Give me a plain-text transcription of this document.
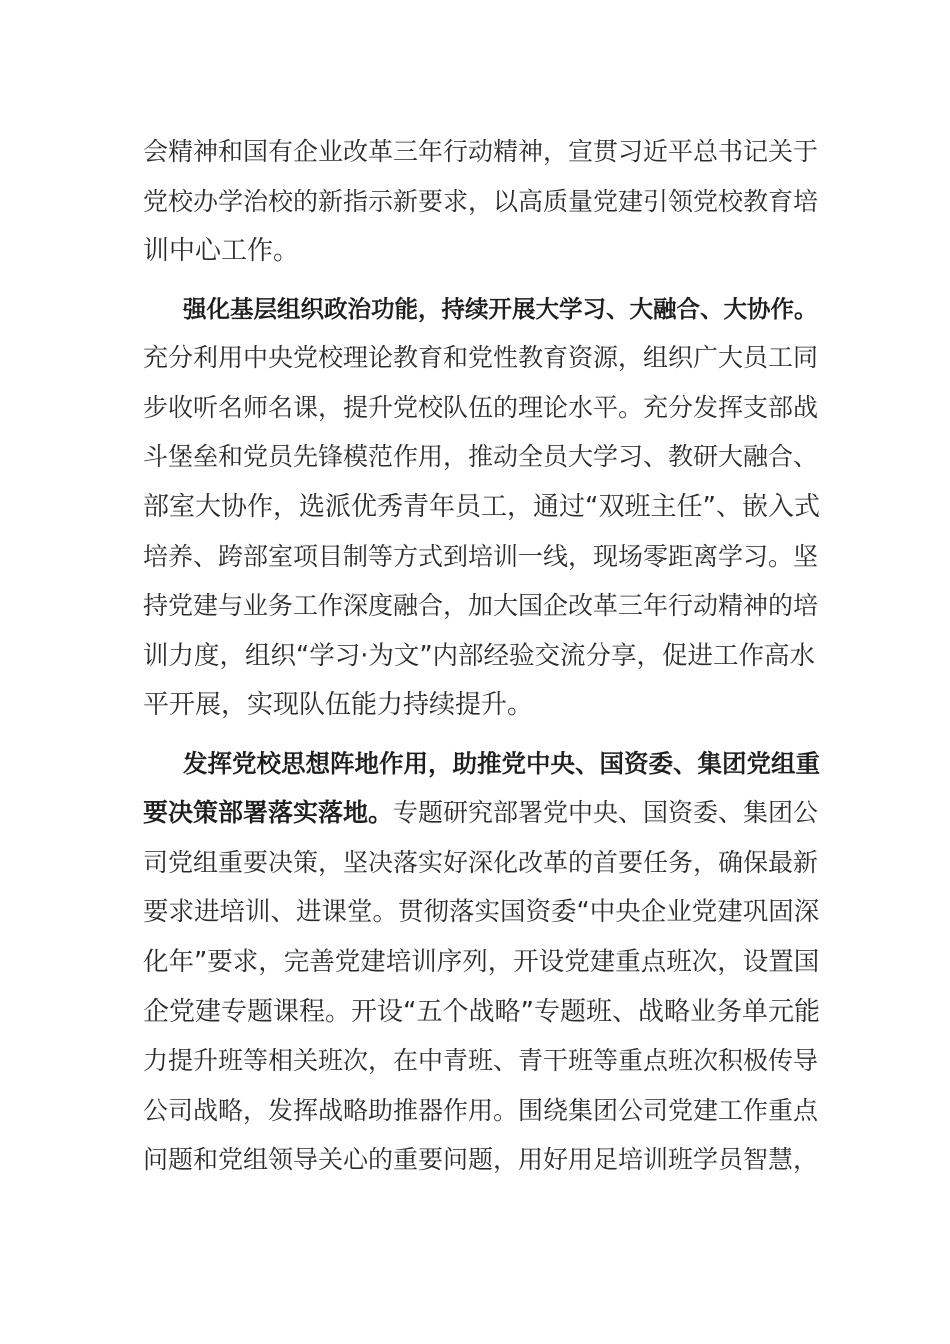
会精神和国有企业改革三年行动精神，宣贯习近平总书记关于
党校办学治校的新指示新要求，以高质量党建引领党校教育培
训中心工作。
强化基层组织政治功能，持续开展大学习、大融合、大协作。
充分利用中央党校理论教育和党性教育资源，组织广大员工同
步收听名师名课，提升党校队伍的理论水平。充分发挥支部战
斗堡垒和党员先锋模范作用，推动全员大学习、教研大融合、
部室大协作，选派优秀青年员工，通过“双班主任”、嵌入式
培养、跨部室项目制等方式到培训一线，现场零距离学习。坚
持党建与业务工作深度融合，加大国企改革三年行动精神的培
训力度，组织“学习·为文”内部经验交流分享，促进工作高水
平开展，实现队伍能力持续提升。
发挥党校思想阵地作用，助推党中央、国资委、集团党组重
要决策部署落实落地。专题研究部署党中央、国资委、集团公
司党组重要决策，坚决落实好深化改革的首要任务，确保最新
要求进培训、进课堂。贯彻落实国资委“中央企业党建巩固深
化年”要求，完善党建培训序列，开设党建重点班次，设置国
企党建专题课程。开设“五个战略”专题班、战略业务单元能
力提升班等相关班次，在中青班、青干班等重点班次积极传导
公司战略，发挥战略助推器作用。围绕集团公司党建工作重点
问题和党组领导关心的重要问题，用好用足培训班学员智慧，
